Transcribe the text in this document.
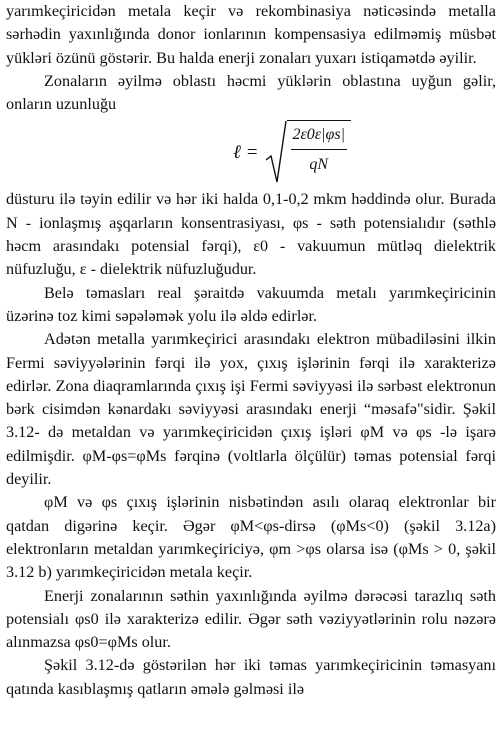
yarımkeçiricidən metala keçir və rekombinasiya nəticəsində metalla sərhədin yaxınlığında donor ionlarının kompensasiya edilməmiş müsbət yükləri özünü göstərir. Bu halda enerji zonaları yuxarı istiqamətdə əyilir.

Zonaların əyilmə oblastı həcmi yüklərin oblastına uyğun gəlir, onların uzunluğu

ℓ = $\frac{2\varepsilon 0\varepsilon|\varphi s|}{qN}$

düsturu ilə təyin edilir və hər iki halda 0,1-0,2 mkm həddində olur. Burada N - ionlaşmış aşqarların konsentrasiyası, φs - səth potensialıdır (səthlə həcm arasındakı potensial fərqi), ε0 - vakuumun mütləq dielektrik nüfuzluğu, ε - dielektrik nüfuzluğudur.

Belə təmasları real şəraitdə vakuumda metalı yarımkeçiricinin üzərinə toz kimi səpələmək yolu ilə əldə edirlər.

Adətən metalla yarımkeçirici arasındakı elektron mübadiləsini ilkin Fermi səviyyələrinin fərqi ilə yox, çıxış işlərinin fərqi ilə xarakterizə edirlər. Zona diaqramlarında çıxış işi Fermi səviyyəsi ilə sərbəst elektronun bərk cisimdən kənardakı səviyyəsi arasındakı enerji “məsafə"sidir. Şəkil 3.12- də metaldan və yarımkeçiricidən çıxış işləri φM və φs -lə işarə edilmişdir. φM-φs=φMs fərqinə (voltlarla ölçülür) təmas potensial fərqi deyilir.

φM və φs çıxış işlərinin nisbətindən asılı olaraq elektronlar bir qatdan digərinə keçir. Əgər φM<φs-dirsə (φMs<0) (şəkil 3.12a) elektronların metaldan yarımkeçiriciyə, φm >φs olarsa isə (φMs > 0, şəkil 3.12 b) yarımkeçiricidən metala keçir.

Enerji zonalarının səthin yaxınlığında əyilmə dərəcəsi tarazlıq səth potensialı φs0 ilə xarakterizə edilir. Əgər səth vəziyyətlərinin rolu nəzərə alınmazsa φs0=φMs olur.

Şəkil 3.12-də göstərilən hər iki təmas yarımkeçiricinin təmasyanı qatında kasıblaşmış qatların əmələ gəlməsi ilə
